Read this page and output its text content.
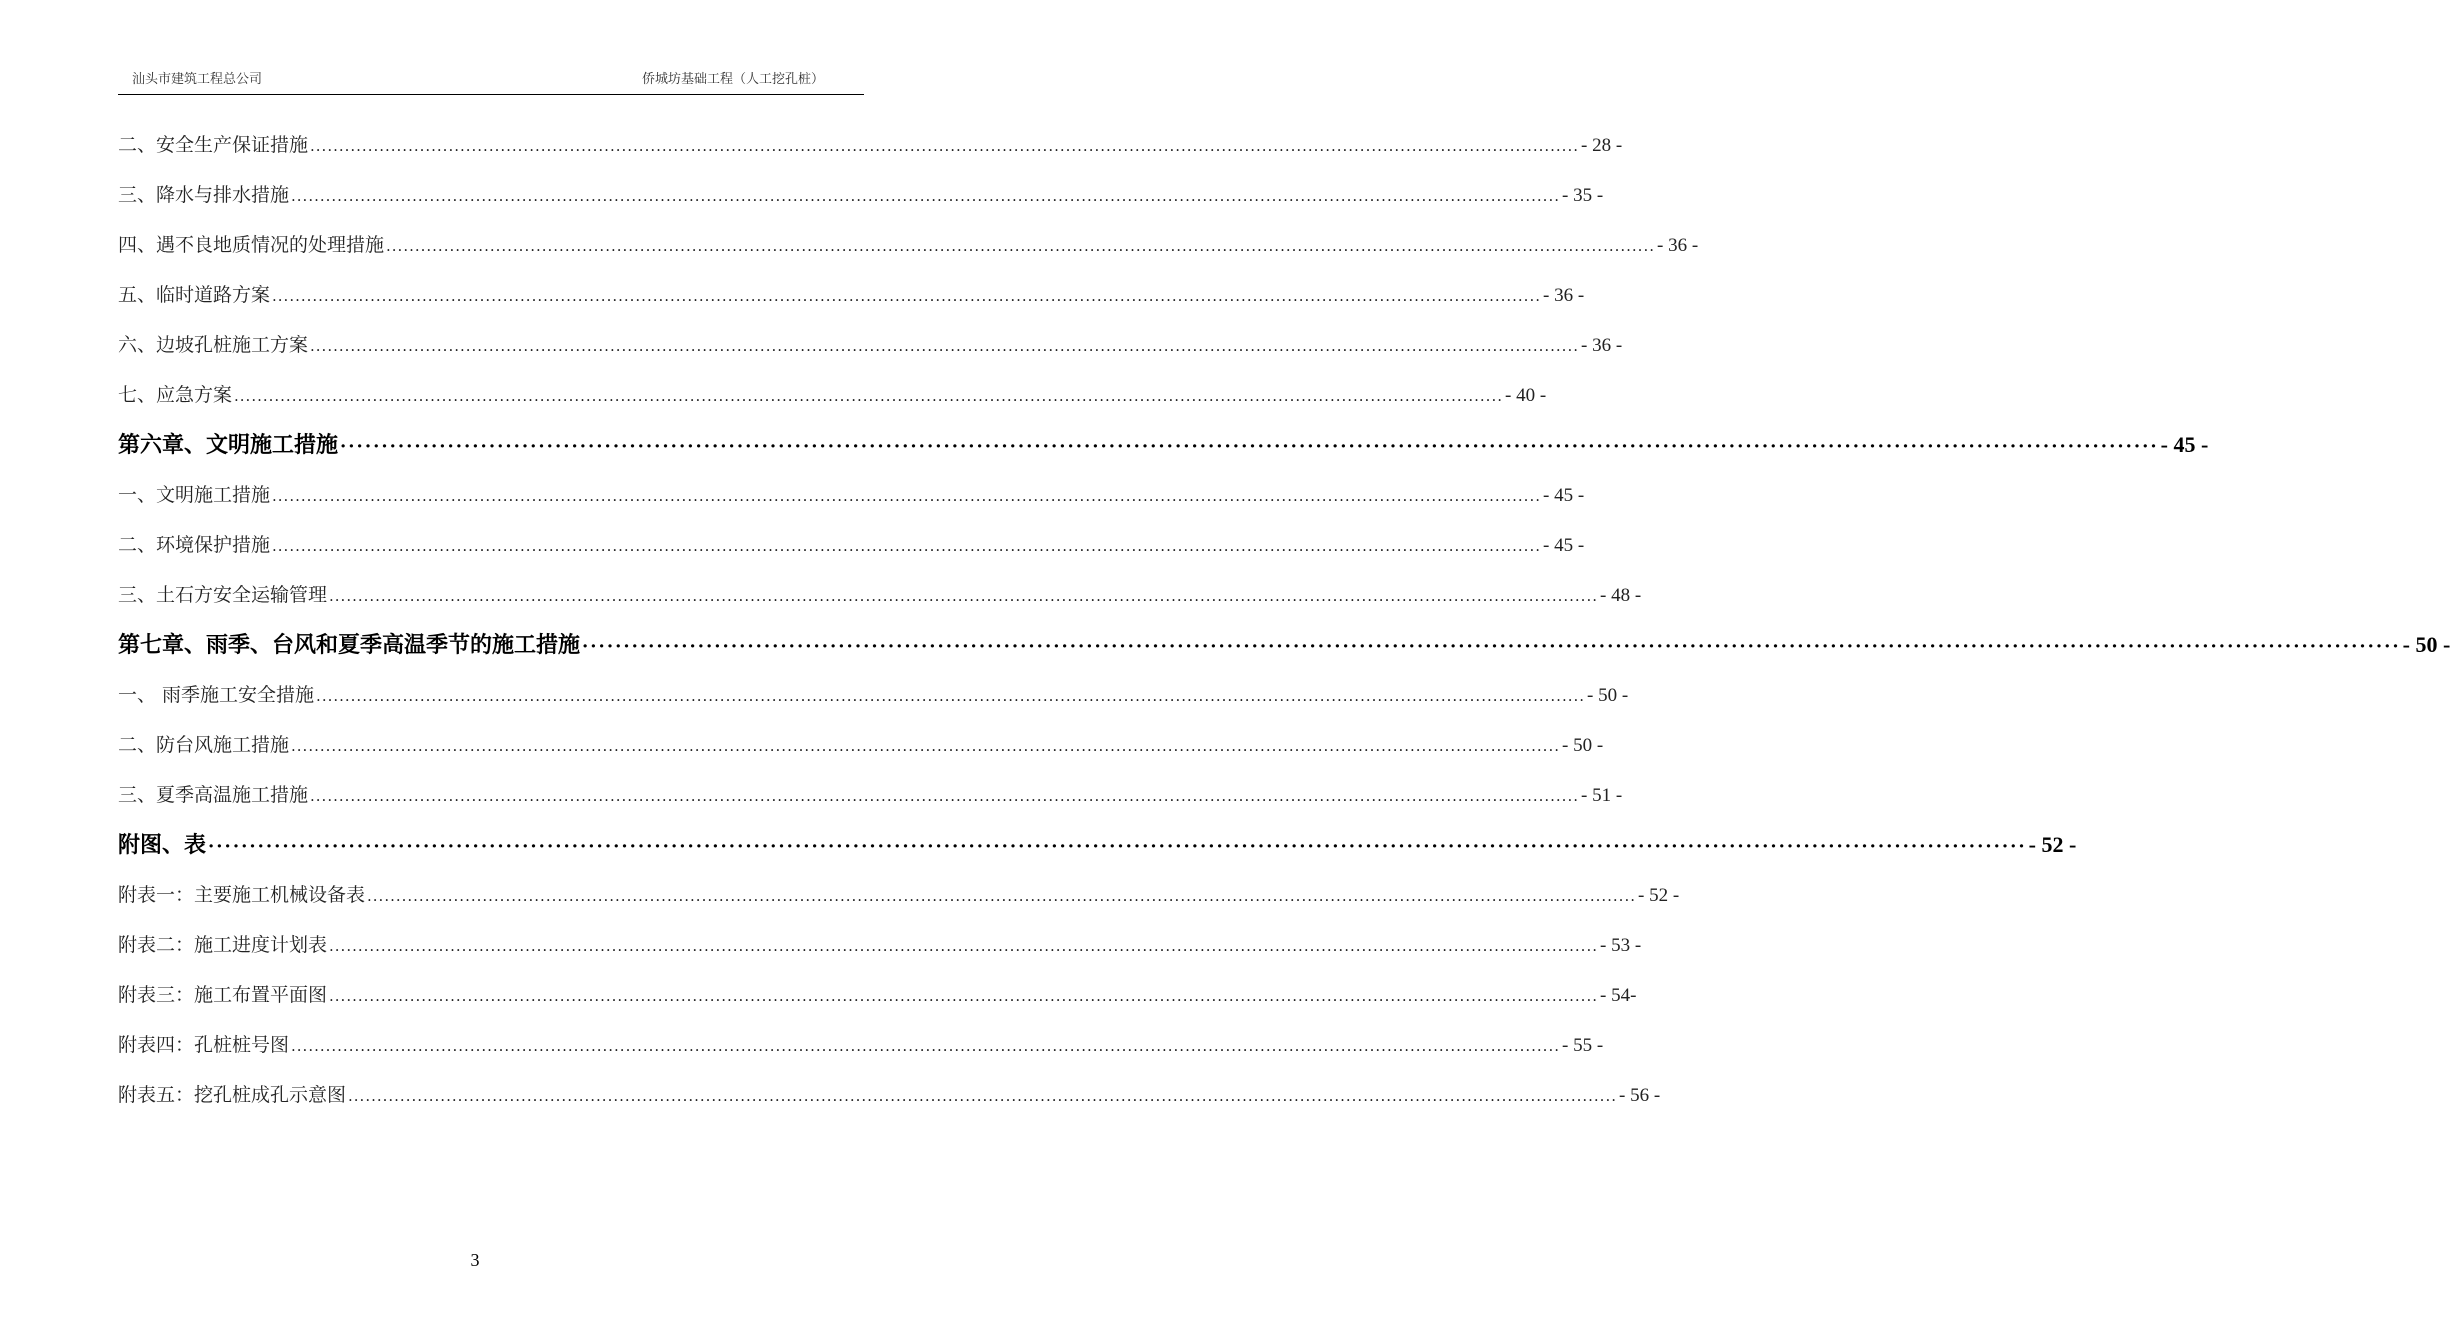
汕头市建筑工程总公司	侨城坊基础工程（人工挖孔桩）
二、安全生产保证措施 ............................................................................................................................................................................................................................ - 28 -
三、降水与排水措施 ............................................................................................................................................................................................................................ - 35 -
四、遇不良地质情况的处理措施 ............................................................................................................................................................................................................................ - 36 -
五、临时道路方案 ............................................................................................................................................................................................................................ - 36 -
六、边坡孔桩施工方案 ............................................................................................................................................................................................................................ - 36 -
七、应急方案 ............................................................................................................................................................................................................................ - 40 -
第六章、文明施工措施 ···························································································································································································································· - 45 -
一、文明施工措施 ............................................................................................................................................................................................................................ - 45 -
二、环境保护措施 ............................................................................................................................................................................................................................ - 45 -
三、土石方安全运输管理 ............................................................................................................................................................................................................................ - 48 -
第七章、雨季、台风和夏季高温季节的施工措施 ···························································································································································································································· - 50 -
一、 雨季施工安全措施 ............................................................................................................................................................................................................................ - 50 -
二、防台风施工措施 ............................................................................................................................................................................................................................ - 50 -
三、夏季高温施工措施 ............................................................................................................................................................................................................................ - 51 -
附图、表 ···························································································································································································································· - 52 -
附表一：主要施工机械设备表 ............................................................................................................................................................................................................................ - 52 -
附表二：施工进度计划表 ............................................................................................................................................................................................................................ - 53 -
附表三：施工布置平面图 ............................................................................................................................................................................................................................ - 54-
附表四：孔桩桩号图 ............................................................................................................................................................................................................................ - 55 -
附表五：挖孔桩成孔示意图 ............................................................................................................................................................................................................................ - 56 -
3
